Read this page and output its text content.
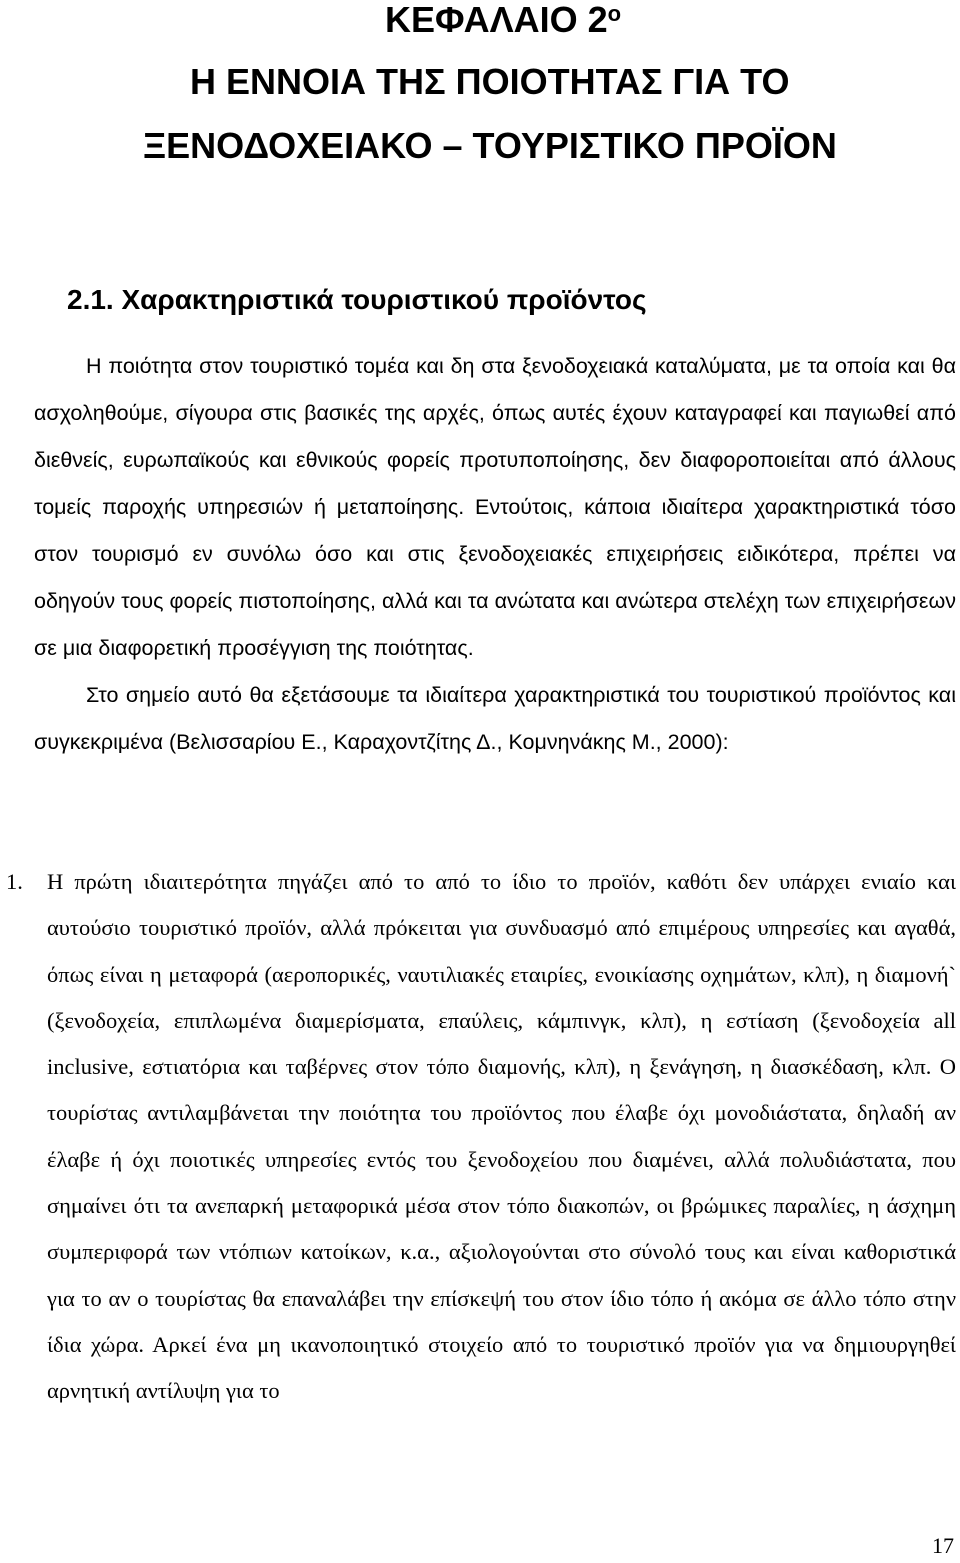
ΚΕΦΑΛΑΙΟ $2^o$
Η ΕΝΝΟΙΑ ΤΗΣ ΠΟΙΟΤΗΤΑΣ ΓΙΑ ΤΟ
ΞΕΝΟΔΟΧΕΙΑΚΟ – ΤΟΥΡΙΣΤΙΚΟ ΠΡΟΪΟΝ
2.1. Χαρακτηριστικά τουριστικού προϊόντος

Η ποιότητα στον τουριστικό τομέα και δη στα ξενοδοχειακά καταλύματα, με τα οποία και θα ασχοληθούμε, σίγουρα στις βασικές της αρχές, όπως αυτές έχουν καταγραφεί και παγιωθεί από διεθνείς, ευρωπαϊκούς και εθνικούς φορείς προτυποποίησης, δεν διαφοροποιείται από άλλους τομείς παροχής υπηρεσιών ή μεταποίησης. Εντούτοις, κάποια ιδιαίτερα χαρακτηριστικά τόσο στον τουρισμό εν συνόλω όσο και στις ξενοδοχειακές επιχειρήσεις ειδικότερα, πρέπει να οδηγούν τους φορείς πιστοποίησης, αλλά και τα ανώτατα και ανώτερα στελέχη των επιχειρήσεων σε μια διαφορετική προσέγγιση της ποιότητας.

Στο σημείο αυτό θα εξετάσουμε τα ιδιαίτερα χαρακτηριστικά του τουριστικού προϊόντος και συγκεκριμένα (Βελισσαρίου Ε., Καραχοντζίτης Δ., Κομνηνάκης Μ., 2000):

1.	Η πρώτη ιδιαιτερότητα πηγάζει από το από το ίδιο το προϊόν, καθότι δεν υπάρχει ενιαίο και αυτούσιο τουριστικό προϊόν, αλλά πρόκειται για συνδυασμό από επιμέρους υπηρεσίες και αγαθά, όπως είναι η μεταφορά (αεροπορικές, ναυτιλιακές εταιρίες, ενοικίασης οχημάτων, κλπ), η διαμονή` (ξενοδοχεία, επιπλωμένα διαμερίσματα, επαύλεις, κάμπινγκ, κλπ), η εστίαση (ξενοδοχεία all inclusive, εστιατόρια και ταβέρνες στον τόπο διαμονής, κλπ), η ξενάγηση, η διασκέδαση, κλπ. Ο τουρίστας αντιλαμβάνεται την ποιότητα του προϊόντος που έλαβε όχι μονοδιάστατα, δηλαδή αν έλαβε ή όχι ποιοτικές υπηρεσίες εντός του ξενοδοχείου που διαμένει, αλλά πολυδιάστατα, που σημαίνει ότι τα ανεπαρκή μεταφορικά μέσα στον τόπο διακοπών, οι βρώμικες παραλίες, η άσχημη συμπεριφορά των ντόπιων κατοίκων, κ.α., αξιολογούνται στο σύνολό τους και είναι καθοριστικά για το αν ο τουρίστας θα επαναλάβει την επίσκεψή του στον ίδιο τόπο ή ακόμα σε άλλο τόπο στην ίδια χώρα. Αρκεί ένα μη ικανοποιητικό στοιχείο από το τουριστικό προϊόν για να δημιουργηθεί αρνητική αντίλυψη για το
17
